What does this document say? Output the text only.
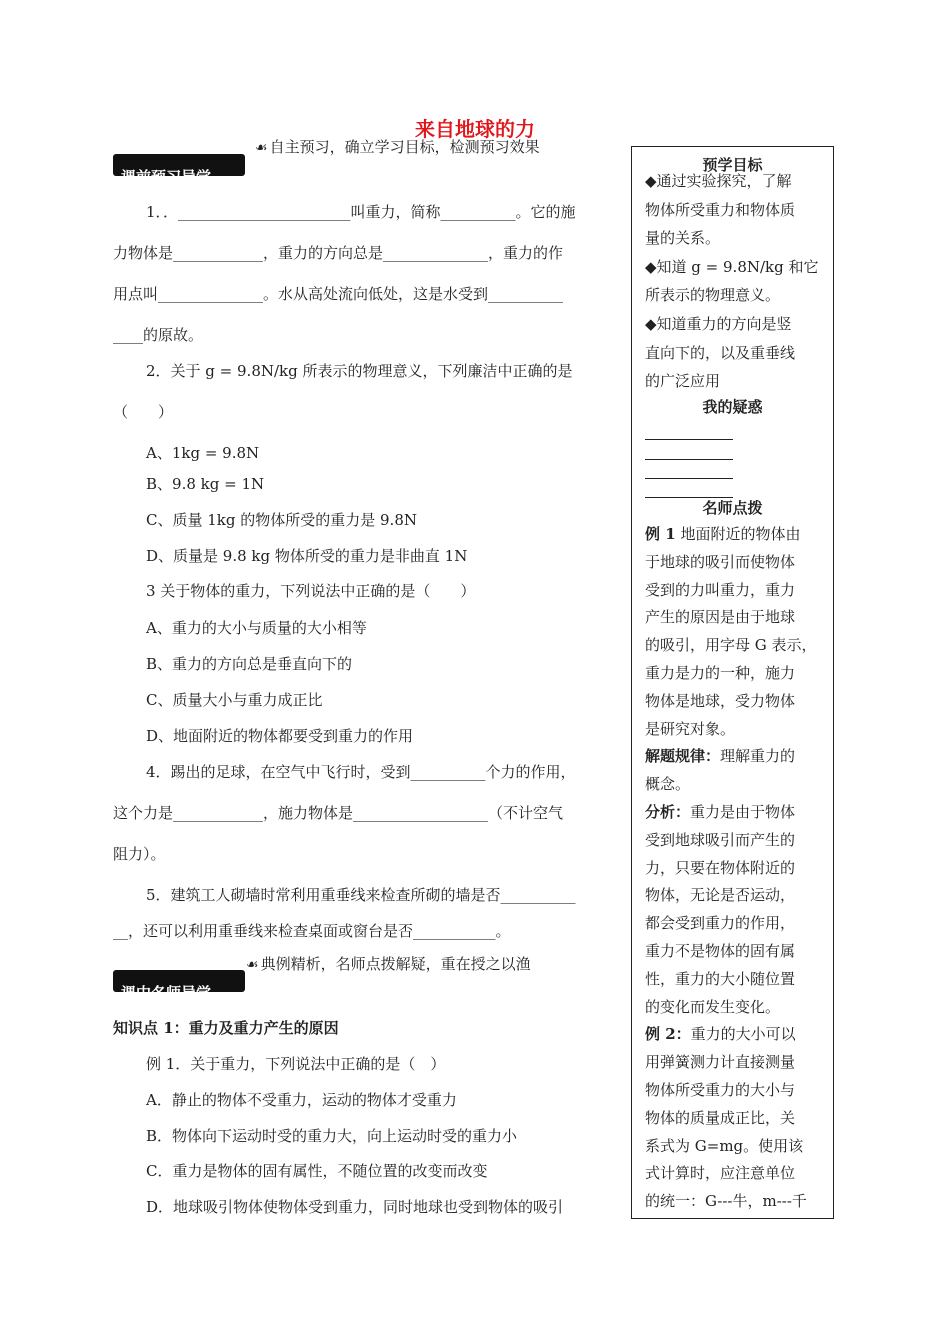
来自地球的力
☙ 自主预习，确立学习目标，检测预习效果
课前预习导学
1．．_______________________叫重力，简称__________。它的施
力物体是____________，重力的方向总是______________，重力的作
用点叫______________。水从高处流向低处，这是水受到__________
____的原故。
2．关于 g = 9.8N/kg 所表示的物理意义，下列廉洁中正确的是
（　　）
A、1kg = 9.8N
B、9.8 kg = 1N
C、质量 1kg 的物体所受的重力是 9.8N
D、质量是 9.8 kg 物体所受的重力是非曲直 1N
3 关于物体的重力，下列说法中正确的是（　　）
A、重力的大小与质量的大小相等
B、重力的方向总是垂直向下的
C、质量大小与重力成正比
D、地面附近的物体都要受到重力的作用
4．踢出的足球，在空气中飞行时，受到__________个力的作用，
这个力是____________，施力物体是__________________（不计空气
阻力）。
5．建筑工人砌墙时常利用重垂线来检查所砌的墙是否__________
__，还可以利用重垂线来检查桌面或窗台是否___________。
☙ 典例精析，名师点拨解疑，重在授之以渔
课中名师导学
知识点 1：重力及重力产生的原因
例 1．关于重力，下列说法中正确的是（　）
A．静止的物体不受重力，运动的物体才受重力
B．物体向下运动时受的重力大，向上运动时受的重力小
C．重力是物体的固有属性，不随位置的改变而改变
D．地球吸引物体使物体受到重力，同时地球也受到物体的吸引
预学目标
◆通过实验探究，了解
物体所受重力和物体质
量的关系。
◆知道 g = 9.8N/kg 和它
所表示的物理意义。
◆知道重力的方向是竖
直向下的，以及重垂线
的广泛应用
我的疑惑
名师点拨
例 1 地面附近的物体由
于地球的吸引而使物体
受到的力叫重力，重力
产生的原因是由于地球
的吸引，用字母 G 表示，
重力是力的一种，施力
物体是地球，受力物体
是研究对象。
解题规律：理解重力的
概念。
分析：重力是由于物体
受到地球吸引而产生的
力，只要在物体附近的
物体，无论是否运动，
都会受到重力的作用，
重力不是物体的固有属
性，重力的大小随位置
的变化而发生变化。
例 2：重力的大小可以
用弹簧测力计直接测量
物体所受重力的大小与
物体的质量成正比，关
系式为 G=mg。使用该
式计算时，应注意单位
的统一：G---牛，m---千
